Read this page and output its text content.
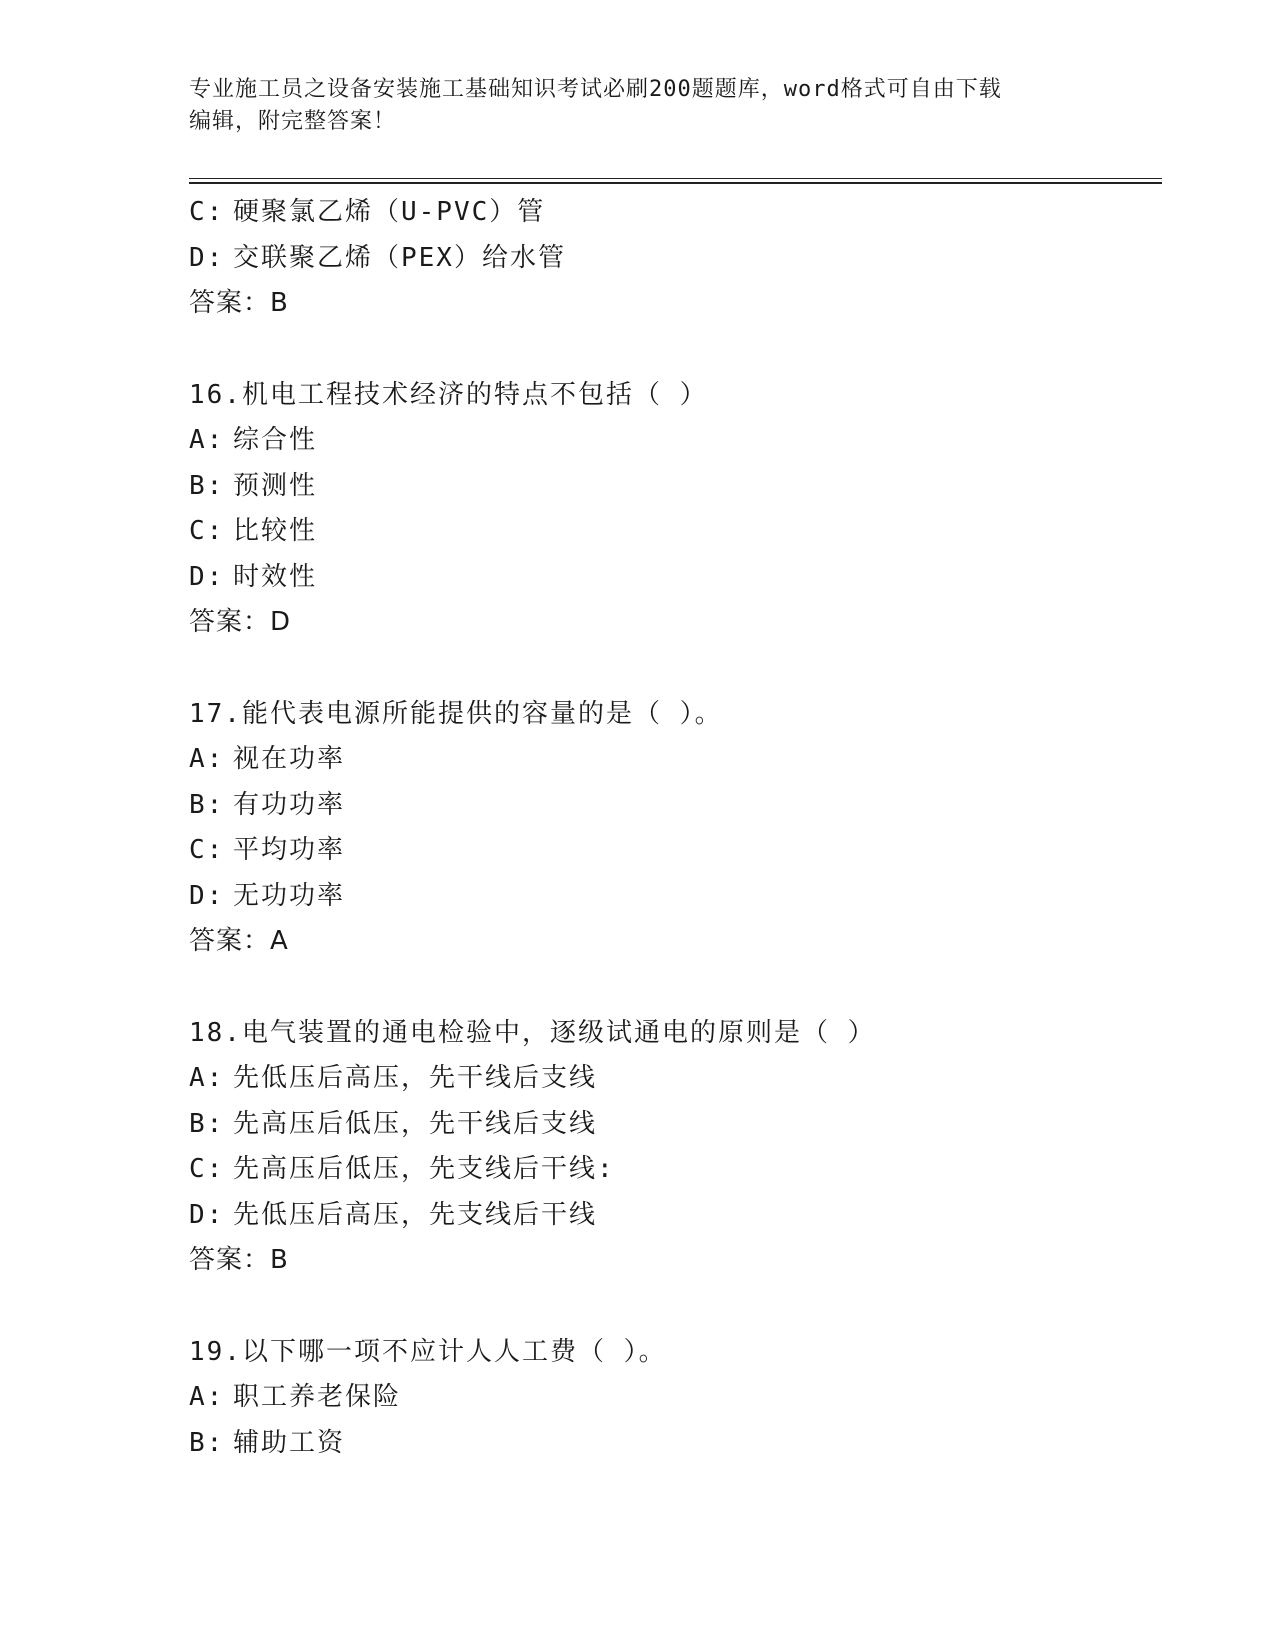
专业施工员之设备安装施工基础知识考试必刷200题题库，word格式可自由下载
编辑，附完整答案！
C: 硬聚氯乙烯（U-PVC）管
D: 交联聚乙烯（PEX）给水管
答案：B
16.机电工程技术经济的特点不包括（ ）
A: 综合性
B: 预测性
C: 比较性
D: 时效性
答案：D
17.能代表电源所能提供的容量的是（ ）。
A: 视在功率
B: 有功功率
C: 平均功率
D: 无功功率
答案：A
18.电气装置的通电检验中，逐级试通电的原则是（ ）
A: 先低压后高压，先干线后支线
B: 先高压后低压，先干线后支线
C: 先高压后低压，先支线后干线:
D: 先低压后高压，先支线后干线
答案：B
19.以下哪一项不应计人人工费（ ）。
A: 职工养老保险
B: 辅助工资
